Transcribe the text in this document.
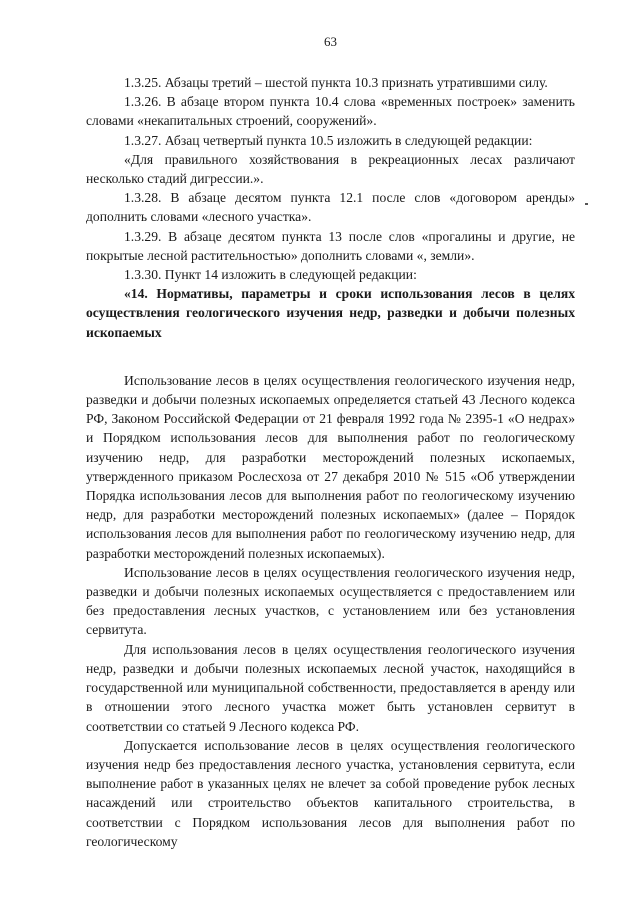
63

1.3.25. Абзацы третий – шестой пункта 10.3 признать утратившими силу.

1.3.26. В абзаце втором пункта 10.4 слова «временных построек» заменить словами «некапитальных строений, сооружений».

1.3.27. Абзац четвертый пункта 10.5 изложить в следующей редакции:

«Для правильного хозяйствования в рекреационных лесах различают несколько стадий дигрессии.».

1.3.28. В абзаце десятом пункта 12.1 после слов «договором аренды» дополнить словами «лесного участка».

1.3.29. В абзаце десятом пункта 13 после слов «прогалины и другие, не покрытые лесной растительностью» дополнить словами «, земли».

1.3.30. Пункт 14 изложить в следующей редакции:

«14. Нормативы, параметры и сроки использования лесов в целях осуществления геологического изучения недр, разведки и добычи полезных ископаемых

Использование лесов в целях осуществления геологического изучения недр, разведки и добычи полезных ископаемых определяется статьей 43 Лесного кодекса РФ, Законом Российской Федерации от 21 февраля 1992 года № 2395-1 «О недрах» и Порядком использования лесов для выполнения работ по геологическому изучению недр, для разработки месторождений полезных ископаемых, утвержденного приказом Рослесхоза от 27 декабря 2010 № 515 «Об утверждении Порядка использования лесов для выполнения работ по геологическому изучению недр, для разработки месторождений полезных ископаемых» (далее – Порядок использования лесов для выполнения работ по геологическому изучению недр, для разработки месторождений полезных ископаемых).

Использование лесов в целях осуществления геологического изучения недр, разведки и добычи полезных ископаемых осуществляется с предоставлением или без предоставления лесных участков, с установлением или без установления сервитута.

Для использования лесов в целях осуществления геологического изучения недр, разведки и добычи полезных ископаемых лесной участок, находящийся в государственной или муниципальной собственности, предоставляется в аренду или в отношении этого лесного участка может быть установлен сервитут в соответствии со статьей 9 Лесного кодекса РФ.

Допускается использование лесов в целях осуществления геологического изучения недр без предоставления лесного участка, установления сервитута, если выполнение работ в указанных целях не влечет за собой проведение рубок лесных насаждений или строительство объектов капитального строительства, в соответствии с Порядком использования лесов для выполнения работ по геологическому
